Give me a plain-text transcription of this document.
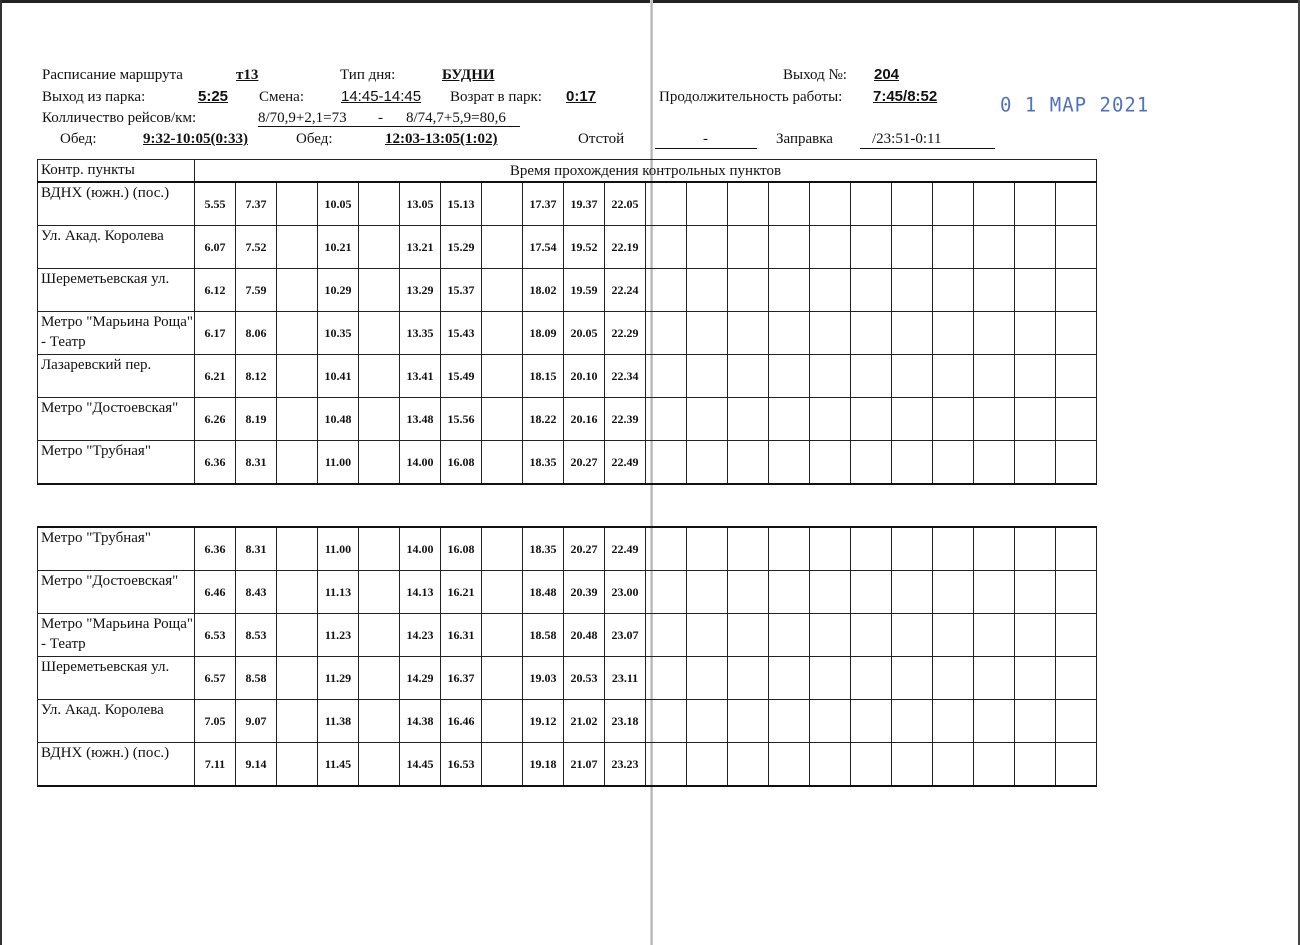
Расписание маршрута	т13	Тип дня:	БУДНИ	Выход №: 204
Выход из парка:	5:25 Смена: 14:45-14:45 Возрат в парк: 0:17	Продолжительность работы: 7:45/8:52
Колличество рейсов/км:	8/70,9+2,1=73 - 8/74,7+5,9=80,6
Обед:	9:32-10:05(0:33)	Обед:	12:03-13:05(1:02)	Отстой	-	Заправка	/23:51-0:11
0 1 MAP 2021
Контр. пункты	Время прохождения контрольных пунктов																					
ВДНХ (южн.) (пос.)	5.55	7.37		10.05		13.05	15.13		17.37	19.37	22.05											
Ул. Акад. Королева	6.07	7.52		10.21		13.21	15.29		17.54	19.52	22.19											
Шереметьевская ул.	6.12	7.59		10.29		13.29	15.37		18.02	19.59	22.24											
Метро "Марьина Роща" - Театр	6.17	8.06		10.35		13.35	15.43		18.09	20.05	22.29											
Лазаревский пер.	6.21	8.12		10.41		13.41	15.49		18.15	20.10	22.34											
Метро "Достоевская"	6.26	8.19		10.48		13.48	15.56		18.22	20.16	22.39											
Метро "Трубная"	6.36	8.31		11.00		14.00	16.08		18.35	20.27	22.49											
Метро "Трубная"	6.36	8.31		11.00		14.00	16.08		18.35	20.27	22.49											
Метро "Достоевская"	6.46	8.43		11.13		14.13	16.21		18.48	20.39	23.00											
Метро "Марьина Роща" - Театр	6.53	8.53		11.23		14.23	16.31		18.58	20.48	23.07											
Шереметьевская ул.	6.57	8.58		11.29		14.29	16.37		19.03	20.53	23.11											
Ул. Акад. Королева	7.05	9.07		11.38		14.38	16.46		19.12	21.02	23.18											
ВДНХ (южн.) (пос.)	7.11	9.14		11.45		14.45	16.53		19.18	21.07	23.23											
